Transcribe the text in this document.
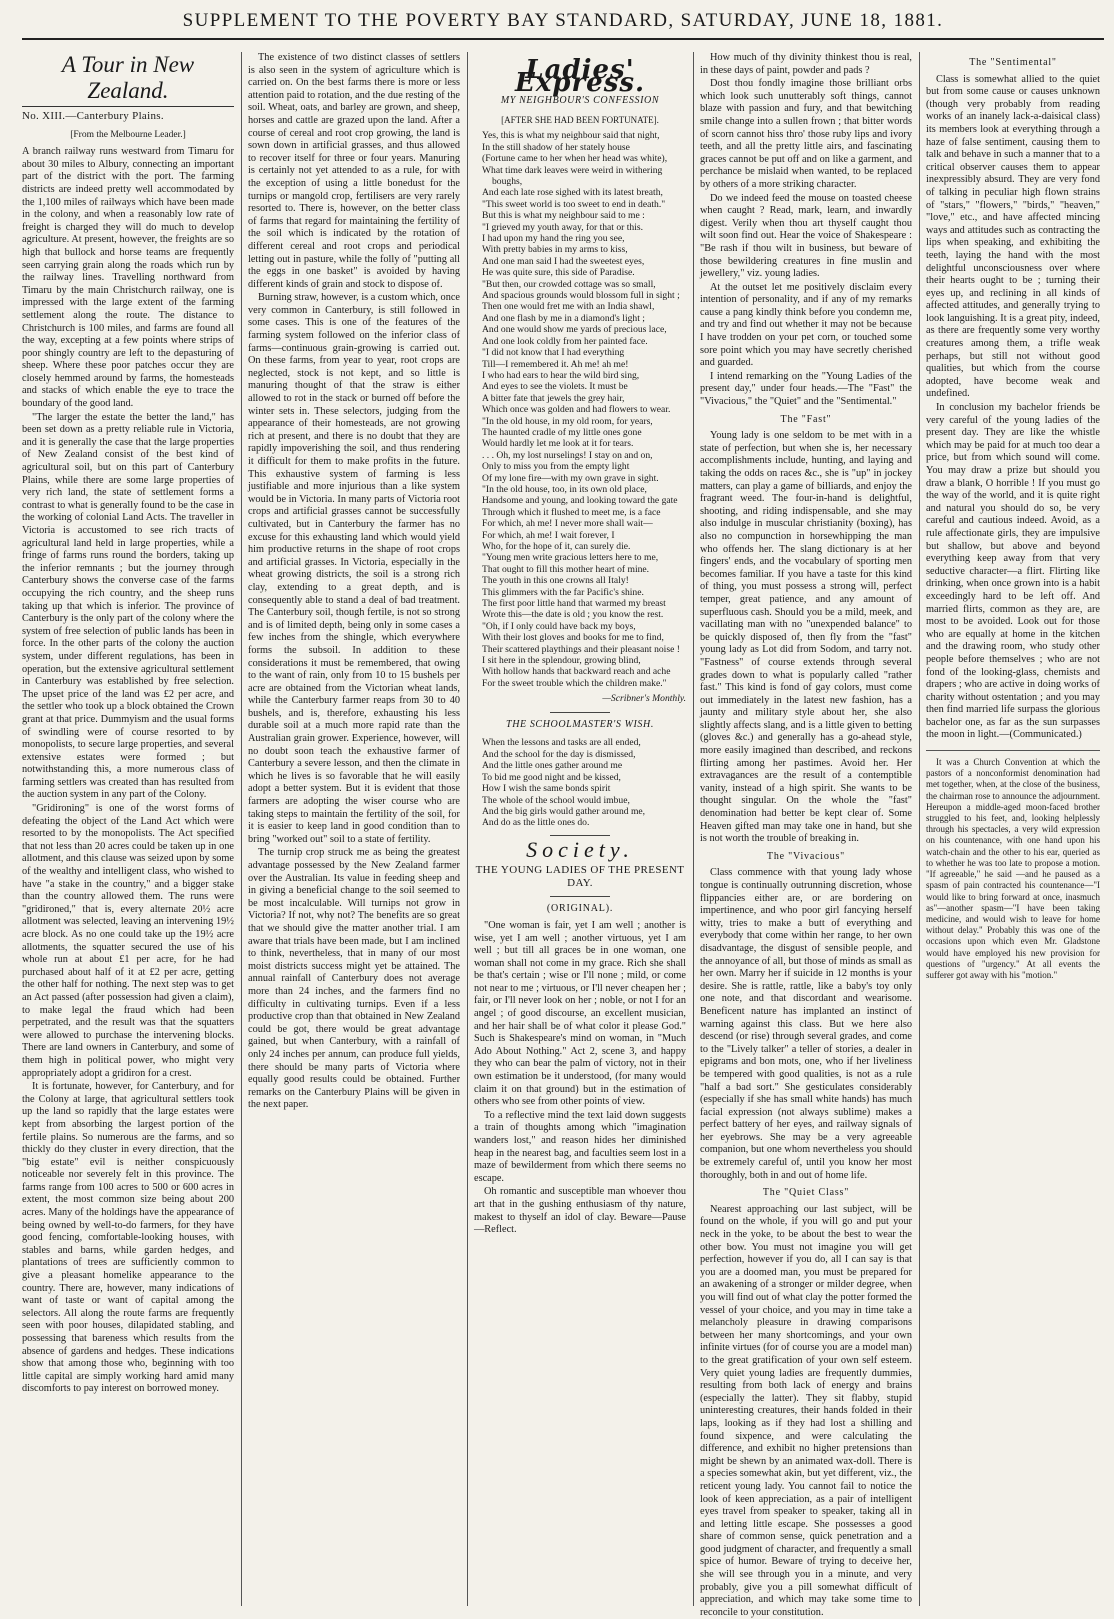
SUPPLEMENT TO THE POVERTY BAY STANDARD, SATURDAY, JUNE 18, 1881.
A Tour in New Zealand.
No. XIII.—Canterbury Plains.
[From the Melbourne Leader.]

A branch railway runs westward from Timaru for about 30 miles to Albury, connecting an important part of the district with the port. The farming districts are indeed pretty well accommodated by the 1,100 miles of railways which have been made in the colony, and when a reasonably low rate of freight is charged they will do much to develop agriculture. At present, however, the freights are so high that bullock and horse teams are frequently seen carrying grain along the roads which run by the railway lines. Travelling northward from Timaru by the main Christchurch railway, one is impressed with the large extent of the farming settlement along the route. The distance to Christchurch is 100 miles, and farms are found all the way, excepting at a few points where strips of poor shingly country are left to the depasturing of sheep. Where these poor patches occur they are closely hemmed around by farms, the homesteads and stacks of which enable the eye to trace the boundary of the good land.

"The larger the estate the better the land," has been set down as a pretty reliable rule in Victoria, and it is generally the case that the large properties of New Zealand consist of the best kind of agricultural soil, but on this part of Canterbury Plains, while there are some large properties of very rich land, the state of settlement forms a contrast to what is generally found to be the case in the working of colonial Land Acts. The traveller in Victoria is accustomed to see rich tracts of agricultural land held in large properties, while a fringe of farms runs round the borders, taking up the inferior remnants ; but the journey through Canterbury shows the converse case of the farms occupying the rich country, and the sheep runs taking up that which is inferior. The province of Canterbury is the only part of the colony where the system of free selection of public lands has been in force. In the other parts of the colony the auction system, under different regulations, has been in operation, but the extensive agricultural settlement in Canterbury was established by free selection. The upset price of the land was £2 per acre, and the settler who took up a block obtained the Crown grant at that price. Dummyism and the usual forms of swindling were of course resorted to by monopolists, to secure large properties, and several extensive estates were formed ; but notwithstanding this, a more numerous class of farming settlers was created than has resulted from the auction system in any part of the Colony.

"Gridironing" is one of the worst forms of defeating the object of the Land Act which were resorted to by the monopolists. The Act specified that not less than 20 acres could be taken up in one allotment, and this clause was seized upon by some of the wealthy and intelligent class, who wished to have "a stake in the country," and a bigger stake than the country allowed them. The runs were "gridironed," that is, every alternate 20½ acre allotment was selected, leaving an intervening 19½ acre block. As no one could take up the 19½ acre allotments, the squatter secured the use of his whole run at about £1 per acre, for he had purchased about half of it at £2 per acre, getting the other half for nothing. The next step was to get an Act passed (after possession had given a claim), to make legal the fraud which had been perpetrated, and the result was that the squatters were allowed to purchase the intervening blocks. There are land owners in Canterbury, and some of them high in political power, who might very appropriately adopt a gridiron for a crest.

It is fortunate, however, for Canterbury, and for the Colony at large, that agricultural settlers took up the land so rapidly that the large estates were kept from absorbing the largest portion of the fertile plains. So numerous are the farms, and so thickly do they cluster in every direction, that the "big estate" evil is neither conspicuously noticeable nor severely felt in this province. The farms range from 100 acres to 500 or 600 acres in extent, the most common size being about 200 acres. Many of the holdings have the appearance of being owned by well-to-do farmers, for they have good fencing, comfortable-looking houses, with stables and barns, while garden hedges, and plantations of trees are sufficiently common to give a pleasant homelike appearance to the country. There are, however, many indications of want of taste or want of capital among the selectors. All along the route farms are frequently seen with poor houses, dilapidated stabling, and possessing that bareness which results from the absence of gardens and hedges. These indications show that among those who, beginning with too little capital are simply working hard amid many discomforts to pay interest on borrowed money.

The existence of two distinct classes of settlers is also seen in the system of agriculture which is carried on. On the best farms there is more or less attention paid to rotation, and the due resting of the soil. Wheat, oats, and barley are grown, and sheep, horses and cattle are grazed upon the land. After a course of cereal and root crop growing, the land is sown down in artificial grasses, and thus allowed to recover itself for three or four years. Manuring is certainly not yet attended to as a rule, for with the exception of using a little bonedust for the turnips or mangold crop, fertilisers are very rarely resorted to. There is, however, on the better class of farms that regard for maintaining the fertility of the soil which is indicated by the rotation of different cereal and root crops and periodical letting out in pasture, while the folly of "putting all the eggs in one basket" is avoided by having different kinds of grain and stock to dispose of.

Burning straw, however, is a custom which, once very common in Canterbury, is still followed in some cases. This is one of the features of the farming system followed on the inferior class of farms—continuous grain-growing is carried out. On these farms, from year to year, root crops are neglected, stock is not kept, and so little is manuring thought of that the straw is either allowed to rot in the stack or burned off before the winter sets in. These selectors, judging from the appearance of their homesteads, are not growing rich at present, and there is no doubt that they are rapidly impoverishing the soil, and thus rendering it difficult for them to make profits in the future. This exhaustive system of farming is less justifiable and more injurious than a like system would be in Victoria. In many parts of Victoria root crops and artificial grasses cannot be successfully cultivated, but in Canterbury the farmer has no excuse for this exhausting land which would yield him productive returns in the shape of root crops and artificial grasses. In Victoria, especially in the wheat growing districts, the soil is a strong rich clay, extending to a great depth, and is consequently able to stand a deal of bad treatment. The Canterbury soil, though fertile, is not so strong and is of limited depth, being only in some cases a few inches from the shingle, which everywhere forms the subsoil. In addition to these considerations it must be remembered, that owing to the want of rain, only from 10 to 15 bushels per acre are obtained from the Victorian wheat lands, while the Canterbury farmer reaps from 30 to 40 bushels, and is, therefore, exhausting his less durable soil at a much more rapid rate than the Australian grain grower. Experience, however, will no doubt soon teach the exhaustive farmer of Canterbury a severe lesson, and then the climate in which he lives is so favorable that he will easily adopt a better system. But it is evident that those farmers are adopting the wiser course who are taking steps to maintain the fertility of the soil, for it is easier to keep land in good condition than to bring "worked out" soil to a state of fertility.

The turnip crop struck me as being the greatest advantage possessed by the New Zealand farmer over the Australian. Its value in feeding sheep and in giving a beneficial change to the soil seemed to be most incalculable. Will turnips not grow in Victoria? If not, why not? The benefits are so great that we should give the matter another trial. I am aware that trials have been made, but I am inclined to think, nevertheless, that in many of our most moist districts success might yet be attained. The annual rainfall of Canterbury does not average more than 24 inches, and the farmers find no difficulty in cultivating turnips. Even if a less productive crop than that obtained in New Zealand could be got, there would be great advantage gained, but when Canterbury, with a rainfall of only 24 inches per annum, can produce full yields, there should be many parts of Victoria where equally good results could be obtained. Further remarks on the Canterbury Plains will be given in the next paper.

Ladies' Express.
MY NEIGHBOUR'S CONFESSION
[AFTER SHE HAD BEEN FORTUNATE].
Yes, this is what my neighbour said that night,
In the still shadow of her stately house
(Fortune came to her when her head was white),
What time dark leaves were weird in withering boughs,
And each late rose sighed with its latest breath,
"This sweet world is too sweet to end in death."
But this is what my neighbour said to me :
"I grieved my youth away, for that or this.
I had upon my hand the ring you see,
With pretty babies in my arms to kiss,
And one man said I had the sweetest eyes,
He was quite sure, this side of Paradise.
"But then, our crowded cottage was so small,
And spacious grounds would blossom full in sight ;
Then one would fret me with an India shawl,
And one flash by me in a diamond's light ;
And one would show me yards of precious lace,
And one look coldly from her painted face.
"I did not know that I had everything
Till—I remembered it. Ah me! ah me!
I who had ears to hear the wild bird sing,
And eyes to see the violets. It must be
A bitter fate that jewels the grey hair,
Which once was golden and had flowers to wear.
"In the old house, in my old room, for years,
The haunted cradle of my little ones gone
Would hardly let me look at it for tears.
. . . Oh, my lost nurselings! I stay on and on,
Only to miss you from the empty light
Of my lone fire—with my own grave in sight.
"In the old house, too, in its own old place,
Handsome and young, and looking toward the gate
Through which it flushed to meet me, is a face
For which, ah me! I never more shall wait—
For which, ah me! I wait forever, I
Who, for the hope of it, can surely die.
"Young men write gracious letters here to me,
That ought to fill this mother heart of mine.
The youth in this one crowns all Italy!
This glimmers with the far Pacific's shine.
The first poor little hand that warmed my breast
Wrote this—the date is old ; you know the rest.
"Oh, if I only could have back my boys,
With their lost gloves and books for me to find,
Their scattered playthings and their pleasant noise !
I sit here in the splendour, growing blind,
With hollow hands that backward reach and ache
For the sweet trouble which the children make."
—Scribner's Monthly.
THE SCHOOLMASTER'S WISH.
When the lessons and tasks are all ended,
And the school for the day is dismissed,
And the little ones gather around me
To bid me good night and be kissed,
How I wish the same bonds spirit
The whole of the school would imbue,
And the big girls would gather around me,
And do as the little ones do.
Society.
THE YOUNG LADIES OF THE PRESENT DAY.
(ORIGINAL).

"One woman is fair, yet I am well ; another is wise, yet I am well ; another virtuous, yet I am well ; but till all graces be in one woman, one woman shall not come in my grace. Rich she shall be that's certain ; wise or I'll none ; mild, or come not near to me ; virtuous, or I'll never cheapen her ; fair, or I'll never look on her ; noble, or not I for an angel ; of good discourse, an excellent musician, and her hair shall be of what color it please God." Such is Shakespeare's mind on woman, in "Much Ado About Nothing." Act 2, scene 3, and happy they who can bear the palm of victory, not in their own estimation be it understood, (for many would claim it on that ground) but in the estimation of others who see from other points of view.

To a reflective mind the text laid down suggests a train of thoughts among which "imagination wanders lost," and reason hides her diminished heap in the nearest bag, and faculties seem lost in a maze of bewilderment from which there seems no escape.

Oh romantic and susceptible man whoever thou art that in the gushing enthusiasm of thy nature, makest to thyself an idol of clay. Beware—Pause—Reflect.

How much of thy divinity thinkest thou is real, in these days of paint, powder and pads ?

Dost thou fondly imagine those brilliant orbs which look such unutterably soft things, cannot blaze with passion and fury, and that bewitching smile change into a sullen frown ; that bitter words of scorn cannot hiss thro' those ruby lips and ivory teeth, and all the pretty little airs, and fascinating graces cannot be put off and on like a garment, and perchance be mislaid when wanted, to be replaced by others of a more striking character.

Do we indeed feed the mouse on toasted cheese when caught ? Read, mark, learn, and inwardly digest. Verily when thou art thyself caught thou wilt soon find out. Hear the voice of Shakespeare : "Be rash if thou wilt in business, but beware of those bewildering creatures in fine muslin and jewellery," viz. young ladies.

At the outset let me positively disclaim every intention of personality, and if any of my remarks cause a pang kindly think before you condemn me, and try and find out whether it may not be because I have trodden on your pet corn, or touched some sore point which you may have secretly cherished and guarded.

I intend remarking on the "Young Ladies of the present day," under four heads.—The "Fast" the "Vivacious," the "Quiet" and the "Sentimental."

The "Fast"

Young lady is one seldom to be met with in a state of perfection, but when she is, her necessary accomplishments include, hunting, and laying and taking the odds on races &c., she is "up" in jockey matters, can play a game of billiards, and enjoy the fragrant weed. The four-in-hand is delightful, shooting, and riding indispensable, and she may also indulge in muscular christianity (boxing), has also no compunction in horsewhipping the man who offends her. The slang dictionary is at her fingers' ends, and the vocabulary of sporting men becomes familiar. If you have a taste for this kind of thing, you must possess a strong will, perfect temper, great patience, and any amount of superfluous cash. Should you be a mild, meek, and vacillating man with no "unexpended balance" to be quickly disposed of, then fly from the "fast" young lady as Lot did from Sodom, and tarry not. "Fastness" of course extends through several grades down to what is popularly called "rather fast." This kind is fond of gay colors, must come out immediately in the latest new fashion, has a jaunty and military style about her, she also slightly affects slang, and is a little given to betting (gloves &c.) and generally has a go-ahead style, more easily imagined than described, and reckons flirting among her pastimes. Avoid her. Her extravagances are the result of a contemptible vanity, instead of a high spirit. She wants to be thought singular. On the whole the "fast" denomination had better be kept clear of. Some Heaven gifted man may take one in hand, but she is not worth the trouble of breaking in.

The "Vivacious"

Class commence with that young lady whose tongue is continually outrunning discretion, whose flippancies either are, or are bordering on impertinence, and who poor girl fancying herself witty, tries to make a butt of everything and everybody that come within her range, to her own disadvantage, the disgust of sensible people, and the annoyance of all, but those of minds as small as her own. Marry her if suicide in 12 months is your desire. She is rattle, rattle, like a baby's toy only one note, and that discordant and wearisome. Beneficent nature has implanted an instinct of warning against this class. But we here also descend (or rise) through several grades, and come to the "Lively talker" a teller of stories, a dealer in epigrams and bon mots, one, who if her liveliness be tempered with good qualities, is not as a rule "half a bad sort." She gesticulates considerably (especially if she has small white hands) has much facial expression (not always sublime) makes a perfect battery of her eyes, and railway signals of her eyebrows. She may be a very agreeable companion, but one whom nevertheless you should be extremely careful of, until you know her most thoroughly, both in and out of home life.

The "Quiet Class"

Nearest approaching our last subject, will be found on the whole, if you will go and put your neck in the yoke, to be about the best to wear the other bow. You must not imagine you will get perfection, however if you do, all I can say is that you are a doomed man, you must be prepared for an awakening of a stronger or milder degree, when you will find out of what clay the potter formed the vessel of your choice, and you may in time take a melancholy pleasure in drawing comparisons between her many shortcomings, and your own infinite virtues (for of course you are a model man) to the great gratification of your own self esteem. Very quiet young ladies are frequently dummies, resulting from both lack of energy and brains (especially the latter). They sit flabby, stupid uninteresting creatures, their hands folded in their laps, looking as if they had lost a shilling and found sixpence, and were calculating the difference, and exhibit no higher pretensions than might be shewn by an animated wax-doll. There is a species somewhat akin, but yet different, viz., the reticent young lady. You cannot fail to notice the look of keen appreciation, as a pair of intelligent eyes travel from speaker to speaker, taking all in and letting little escape. She possesses a good share of common sense, quick penetration and a good judgment of character, and frequently a small spice of humor. Beware of trying to deceive her, she will see through you in a minute, and very probably, give you a pill somewhat difficult of appreciation, and which may take some time to reconcile to your constitution.

The "Sentimental"

Class is somewhat allied to the quiet but from some cause or causes unknown (though very probably from reading works of an inanely lack-a-daisical class) its members look at everything through a haze of false sentiment, causing them to talk and behave in such a manner that to a critical observer causes them to appear inexpressibly absurd. They are very fond of talking in peculiar high flown strains of "stars," "flowers," "birds," "heaven," "love," etc., and have affected mincing ways and attitudes such as contracting the lips when speaking, and exhibiting the teeth, laying the hand with the most delightful unconsciousness over where their hearts ought to be ; turning their eyes up, and reclining in all kinds of affected attitudes, and generally trying to look languishing. It is a great pity, indeed, as there are frequently some very worthy creatures among them, a trifle weak perhaps, but still not without good qualities, but which from the course adopted, have become weak and undefined.

In conclusion my bachelor friends be very careful of the young ladies of the present day. They are like the whistle which may be paid for at much too dear a price, but from which sound will come. You may draw a prize but should you draw a blank, O horrible ! If you must go the way of the world, and it is quite right and natural you should do so, be very careful and cautious indeed. Avoid, as a rule affectionate girls, they are impulsive but shallow, but above and beyond everything keep away from that very seductive character—a flirt. Flirting like drinking, when once grown into is a habit exceedingly hard to be left off. And married flirts, common as they are, are most to be avoided. Look out for those who are equally at home in the kitchen and the drawing room, who study other people before themselves ; who are not fond of the looking-glass, chemists and drapers ; who are active in doing works of charity without ostentation ; and you may then find married life surpass the glorious bachelor one, as far as the sun surpasses the moon in light.—(Communicated.)

It was a Church Convention at which the pastors of a nonconformist denomination had met together, when, at the close of the business, the chairman rose to announce the adjournment. Hereupon a middle-aged moon-faced brother struggled to his feet, and, looking helplessly through his spectacles, a very wild expression on his countenance, with one hand upon his watch-chain and the other to his ear, queried as to whether he was too late to propose a motion. "If agreeable," he said —and he paused as a spasm of pain contracted his countenance—"I would like to bring forward at once, inasmuch as"—another spasm—"I have been taking medicine, and would wish to leave for home without delay." Probably this was one of the occasions upon which even Mr. Gladstone would have employed his new provision for questions of "urgency." At all events the sufferer got away with his "motion."
